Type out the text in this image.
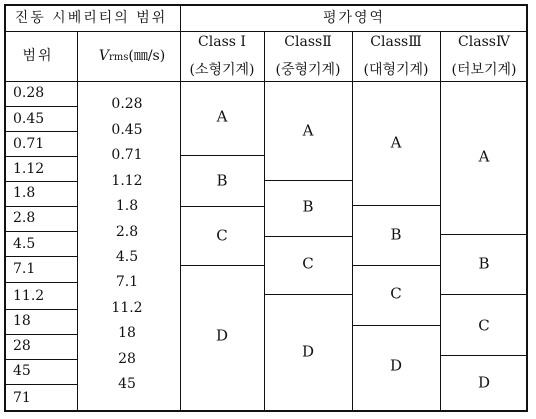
진동 시베리티의 범위	평가영역
범위	Vrms(㎜/s)
Class Ⅰ
(소형기계)
ClassⅡ
(중형기계)
ClassⅢ
(대형기계)
ClassⅣ
(터보기계)
0.28
0.45
0.71
1.12
1.8
2.8
4.5
7.1
11.2
18
28
45
71
0.28
0.45
0.71
1.12
1.8
2.8
4.5
7.1
11.2
18
28
45
A
B
C
D
A
B
C
D
A
B
C
D
A
B
C
D
